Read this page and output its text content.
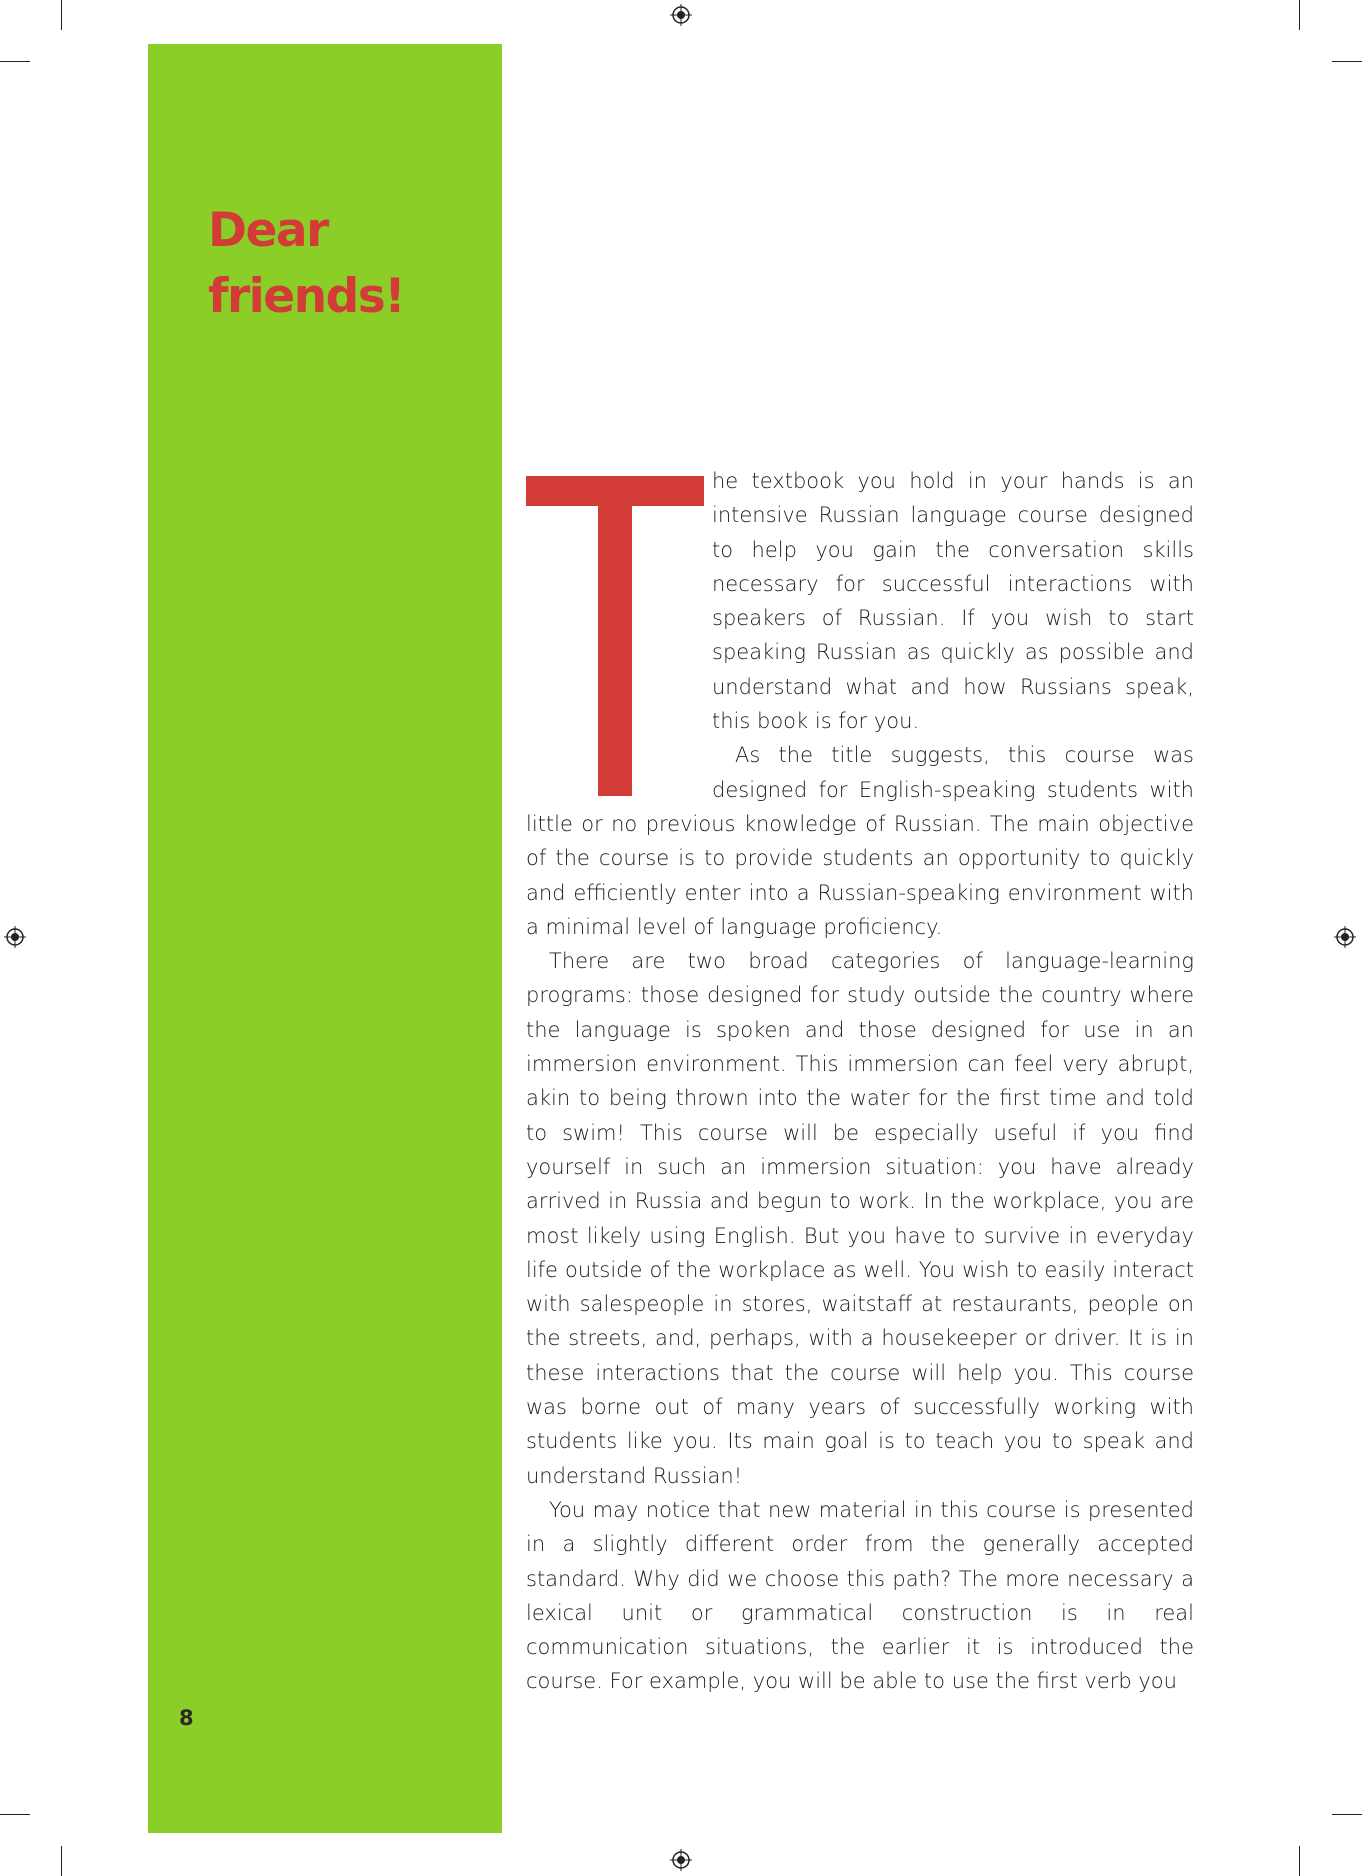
Dear
friends!
8

he textbook you hold in your hands is an intensive Russian language course designed to help you gain the conversation skills necessary for successful interactions with speakers of Russian. If you wish to start speaking Russian as quickly as possible and understand what and how Russians speak, this book is for you.

As the title suggests, this course was designed for English-speaking students with little or no previous knowledge of Russian. The main objective of the course is to provide students an opportunity to quickly and efficiently enter into a Russian-speaking environment with a minimal level of language proficiency.

There are two broad categories of language-learning programs: those designed for study outside the country where the language is spoken and those designed for use in an immersion environment. This immersion can feel very abrupt, akin to being thrown into the water for the first time and told to swim! This course will be especially useful if you find yourself in such an immersion situation: you have already arrived in Russia and begun to work. In the workplace, you are most likely using English. But you have to survive in everyday life outside of the workplace as well. You wish to easily interact with salespeople in stores, waitstaff at restaurants, people on the streets, and, perhaps, with a housekeeper or driver. It is in these interactions that the course will help you. This course was borne out of many years of successfully working with students like you. Its main goal is to teach you to speak and understand Russian!

You may notice that new material in this course is presented in a slightly different order from the generally accepted standard. Why did we choose this path? The more necessary a lexical unit or grammatical construction is in real communication situations, the earlier it is introduced the course. For example, you will be able to use the first verb you
